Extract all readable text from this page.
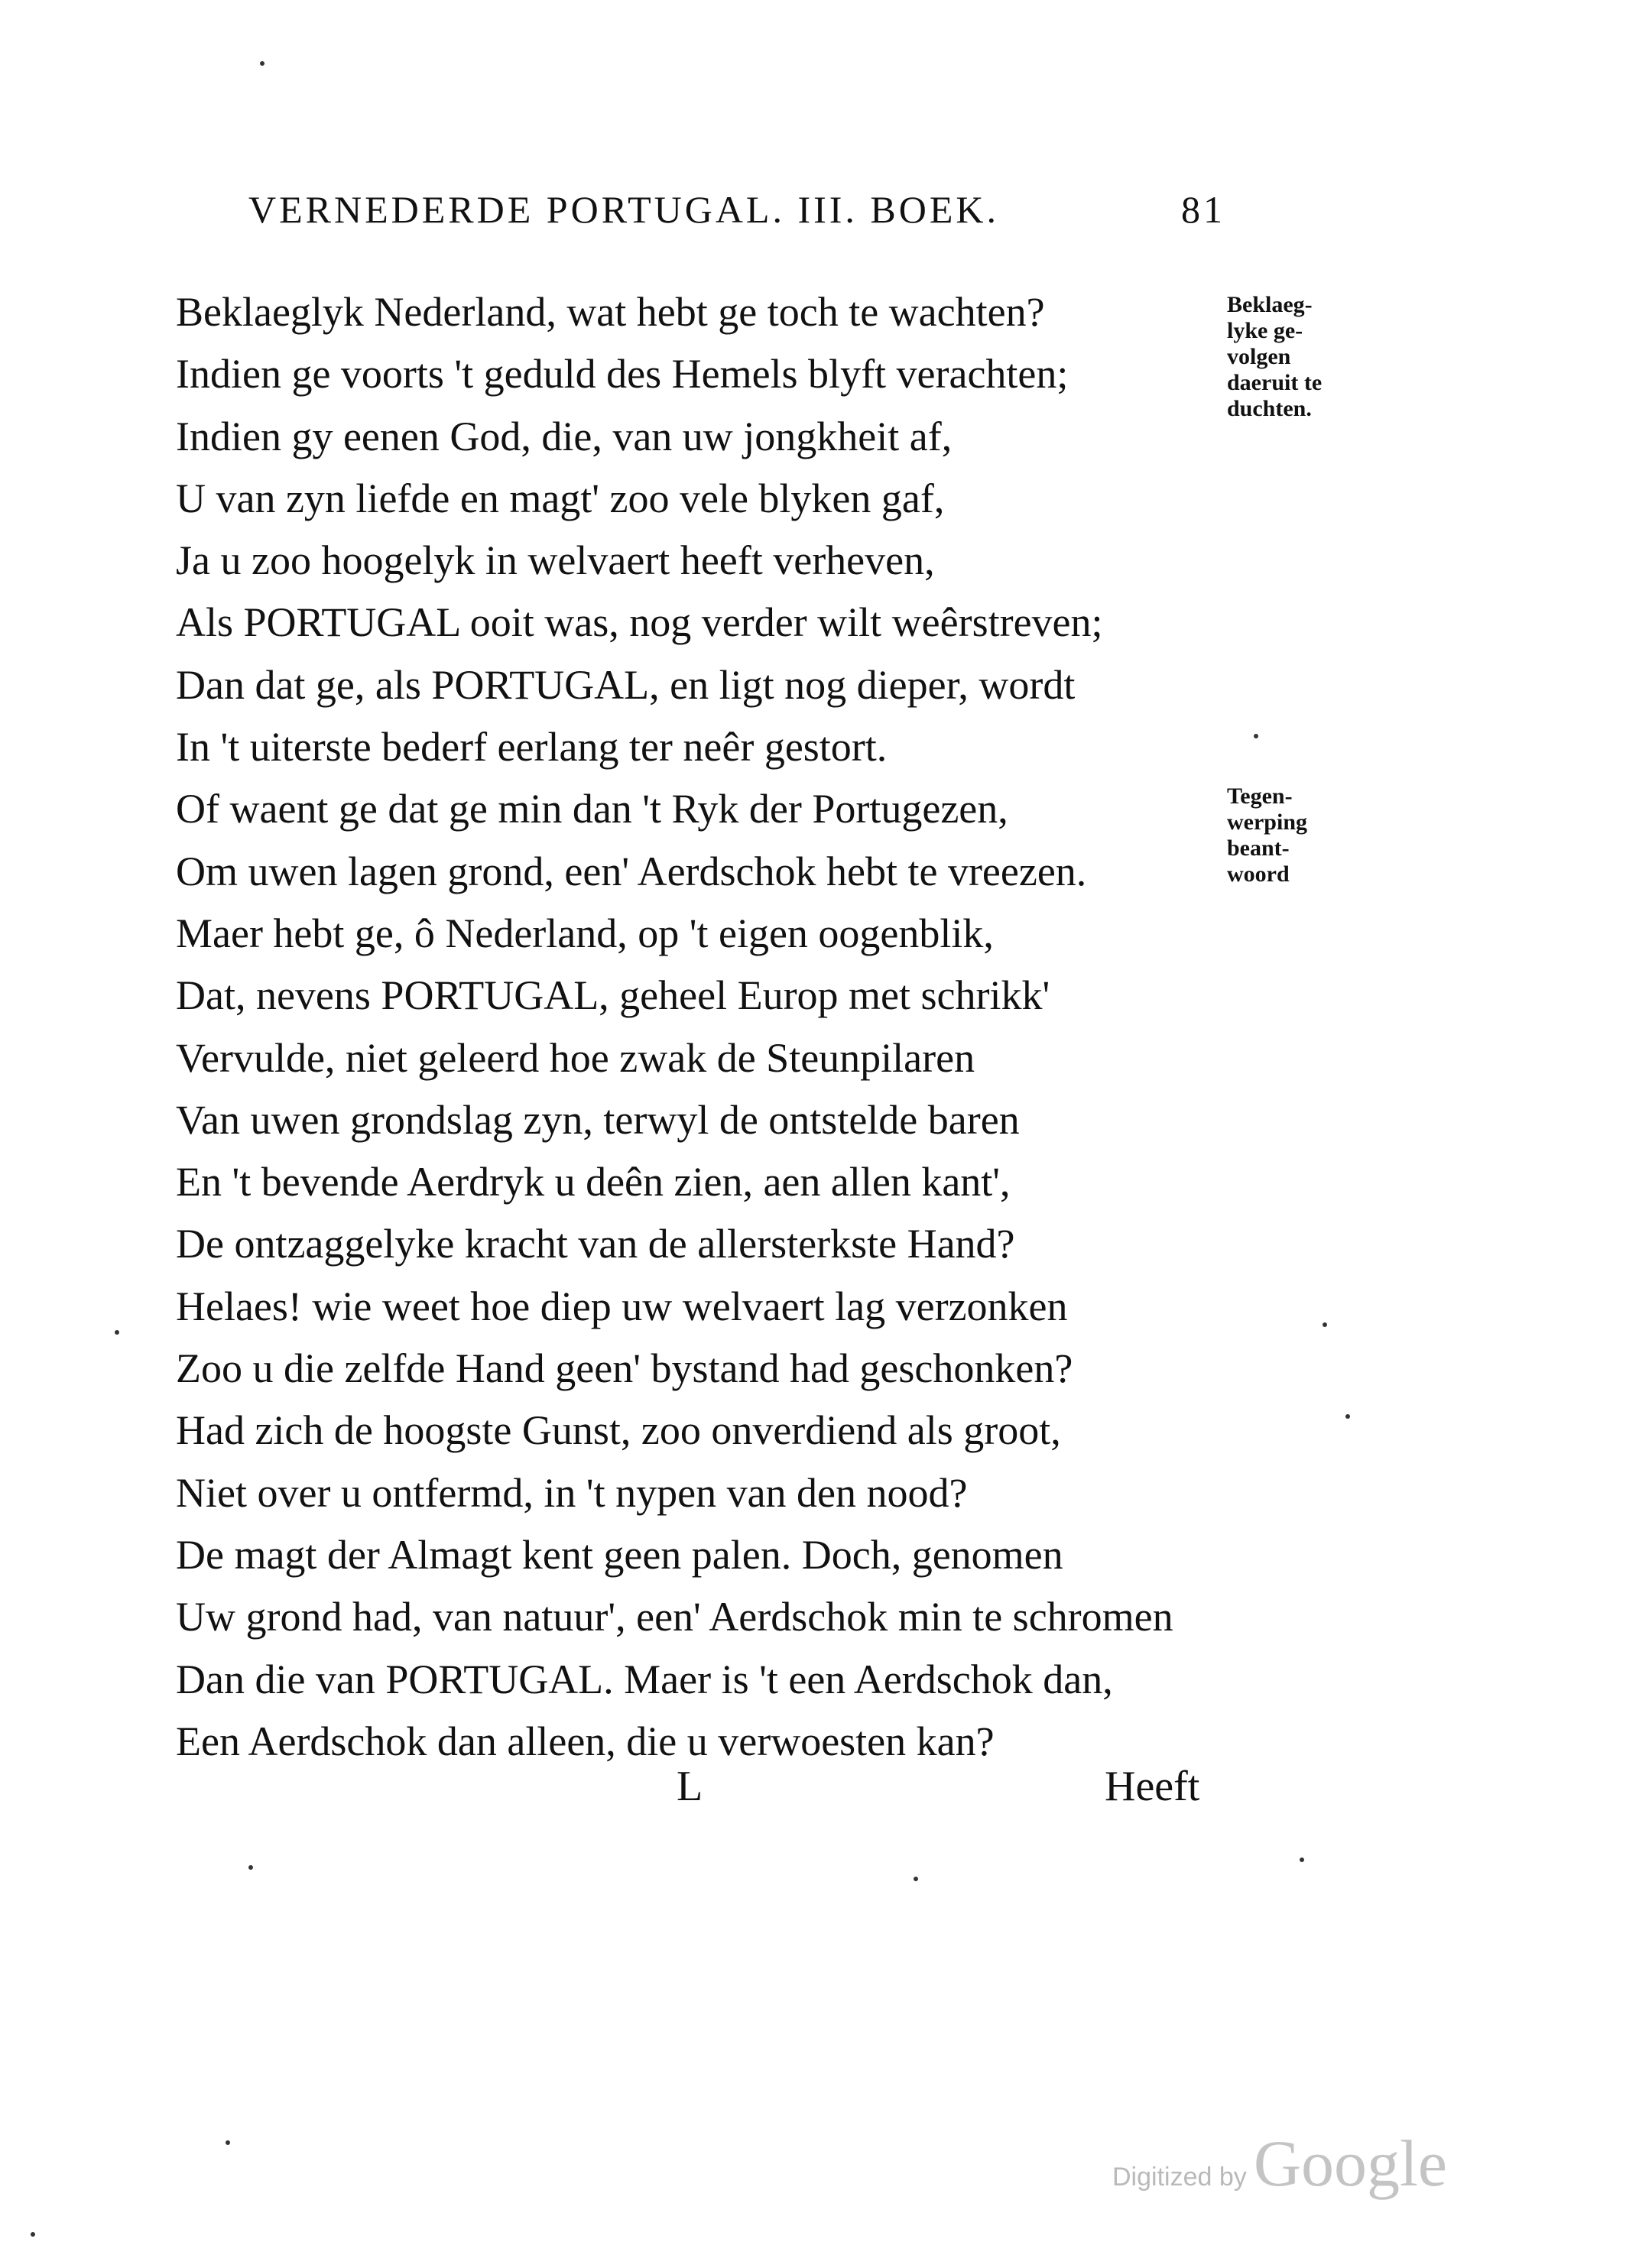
VERNEDERDE PORTUGAL. III. BOEK.	81
Beklaeglyk Nederland, wat hebt ge toch te wachten?
Indien ge voorts 't geduld des Hemels blyft verachten;
Indien gy eenen God, die, van uw jongkheit af,
U van zyn liefde en magt' zoo vele blyken gaf,
Ja u zoo hoogelyk in welvaert heeft verheven,
Als PORTUGAL ooit was, nog verder wilt weêrstreven;
Dan dat ge, als PORTUGAL, en ligt nog dieper, wordt
In 't uiterste bederf eerlang ter neêr gestort.
Of waent ge dat ge min dan 't Ryk der Portugezen,
Om uwen lagen grond, een' Aerdschok hebt te vreezen.
Maer hebt ge, ô Nederland, op 't eigen oogenblik,
Dat, nevens PORTUGAL, geheel Europ met schrikk'
Vervulde, niet geleerd hoe zwak de Steunpilaren
Van uwen grondslag zyn, terwyl de ontstelde baren
En 't bevende Aerdryk u deên zien, aen allen kant',
De ontzaggelyke kracht van de allersterkste Hand?
Helaes! wie weet hoe diep uw welvaert lag verzonken
Zoo u die zelfde Hand geen' bystand had geschonken?
Had zich de hoogste Gunst, zoo onverdiend als groot,
Niet over u ontfermd, in 't nypen van den nood?
De magt der Almagt kent geen palen. Doch, genomen
Uw grond had, van natuur', een' Aerdschok min te schromen
Dan die van PORTUGAL. Maer is 't een Aerdschok dan,
Een Aerdschok dan alleen, die u verwoesten kan?
Beklaeg-
lyke ge-
volgen
daeruit te
duchten.
Tegen-
werping
beant-
woord
L	Heeft
Digitized by Google
